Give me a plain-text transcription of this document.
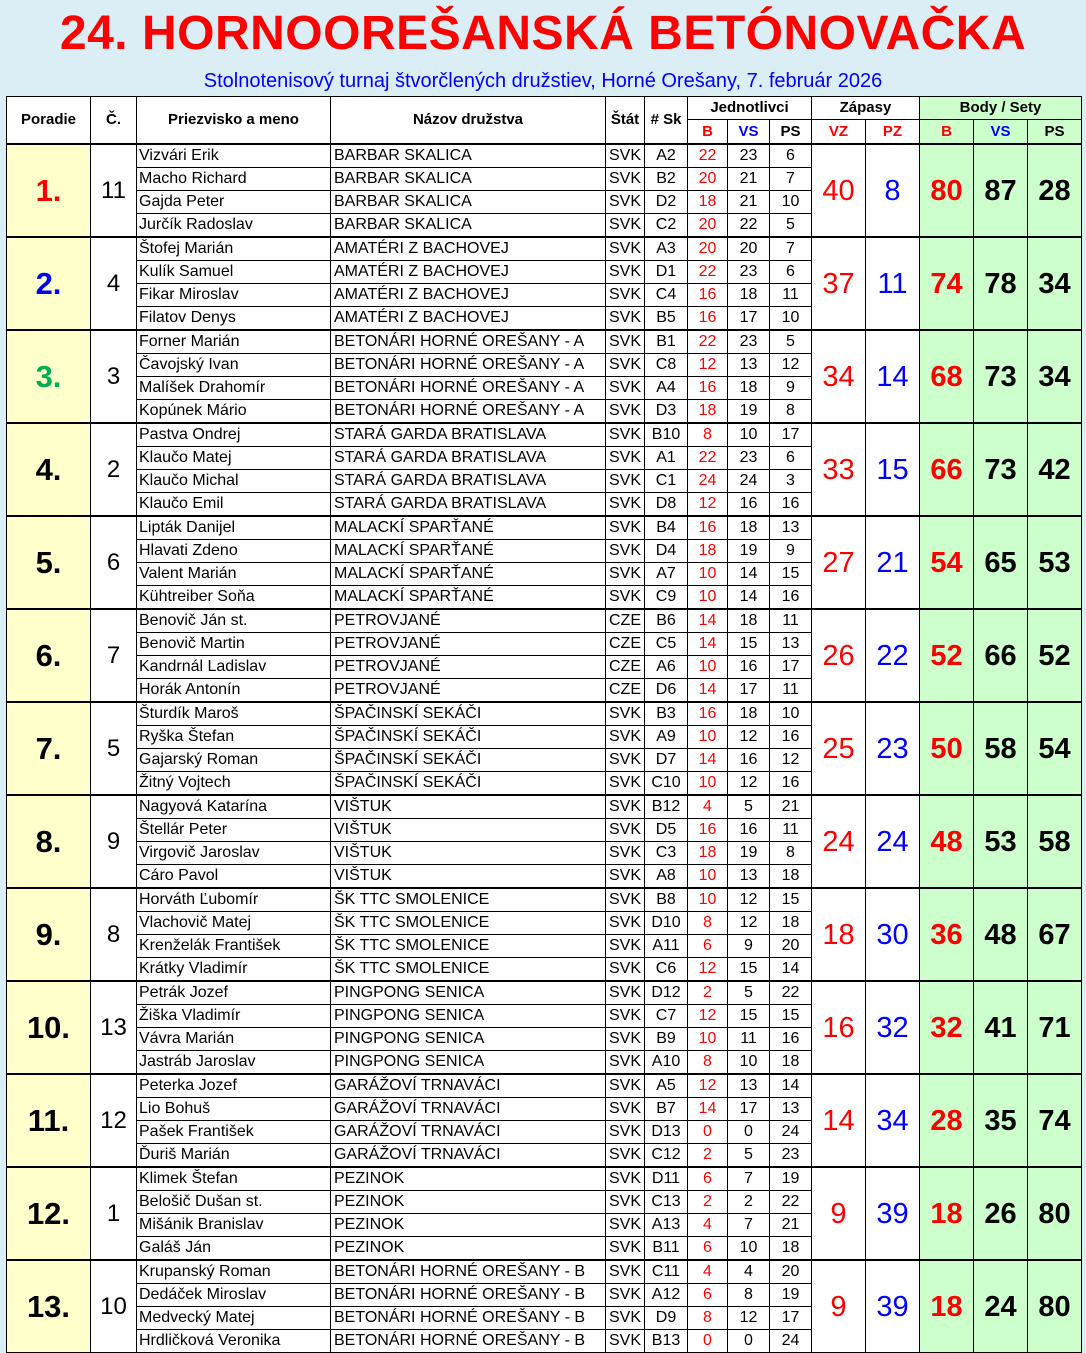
24. HORNOOREŠANSKÁ BETÓNOVAČKA
Stolnotenisový turnaj štvorčlených družstiev, Horné Orešany, 7. február 2026
Poradie	Č.	Priezvisko a meno	Názov družstva	Štát	# Sk	Jednotlivci			Zápasy		Body / Sety		
						B	VS	PS	VZ	PZ	B	VS	PS
1.	11	Vizvári Erik	BARBAR SKALICA	SVK	A2	22	23	6	40	8	80	87	28
		Macho Richard	BARBAR SKALICA	SVK	B2	20	21	7					
		Gajda Peter	BARBAR SKALICA	SVK	D2	18	21	10					
		Jurčík Radoslav	BARBAR SKALICA	SVK	C2	20	22	5					
2.	4	Štofej Marián	AMATÉRI Z BACHOVEJ	SVK	A3	20	20	7	37	11	74	78	34
		Kulík Samuel	AMATÉRI Z BACHOVEJ	SVK	D1	22	23	6					
		Fikar Miroslav	AMATÉRI Z BACHOVEJ	SVK	C4	16	18	11					
		Filatov Denys	AMATÉRI Z BACHOVEJ	SVK	B5	16	17	10					
3.	3	Forner Marián	BETONÁRI HORNÉ OREŠANY - A	SVK	B1	22	23	5	34	14	68	73	34
		Čavojský Ivan	BETONÁRI HORNÉ OREŠANY - A	SVK	C8	12	13	12					
		Malíšek Drahomír	BETONÁRI HORNÉ OREŠANY - A	SVK	A4	16	18	9					
		Kopúnek Mário	BETONÁRI HORNÉ OREŠANY - A	SVK	D3	18	19	8					
4.	2	Pastva Ondrej	STARÁ GARDA BRATISLAVA	SVK	B10	8	10	17	33	15	66	73	42
		Klaučo Matej	STARÁ GARDA BRATISLAVA	SVK	A1	22	23	6					
		Klaučo Michal	STARÁ GARDA BRATISLAVA	SVK	C1	24	24	3					
		Klaučo Emil	STARÁ GARDA BRATISLAVA	SVK	D8	12	16	16					
5.	6	Lipták Danijel	MALACKÍ SPARŤANÉ	SVK	B4	16	18	13	27	21	54	65	53
		Hlavati Zdeno	MALACKÍ SPARŤANÉ	SVK	D4	18	19	9					
		Valent Marián	MALACKÍ SPARŤANÉ	SVK	A7	10	14	15					
		Kühtreiber Soňa	MALACKÍ SPARŤANÉ	SVK	C9	10	14	16					
6.	7	Benovič Ján st.	PETROVJANÉ	CZE	B6	14	18	11	26	22	52	66	52
		Benovič Martin	PETROVJANÉ	CZE	C5	14	15	13					
		Kandrnál Ladislav	PETROVJANÉ	CZE	A6	10	16	17					
		Horák Antonín	PETROVJANÉ	CZE	D6	14	17	11					
7.	5	Šturdík Maroš	ŠPAČINSKÍ SEKÁČI	SVK	B3	16	18	10	25	23	50	58	54
		Ryška Štefan	ŠPAČINSKÍ SEKÁČI	SVK	A9	10	12	16					
		Gajarský Roman	ŠPAČINSKÍ SEKÁČI	SVK	D7	14	16	12					
		Žitný Vojtech	ŠPAČINSKÍ SEKÁČI	SVK	C10	10	12	16					
8.	9	Nagyová Katarína	VIŠTUK	SVK	B12	4	5	21	24	24	48	53	58
		Štellár Peter	VIŠTUK	SVK	D5	16	16	11					
		Virgovič Jaroslav	VIŠTUK	SVK	C3	18	19	8					
		Cáro Pavol	VIŠTUK	SVK	A8	10	13	18					
9.	8	Horváth Ľubomír	ŠK TTC SMOLENICE	SVK	B8	10	12	15	18	30	36	48	67
		Vlachovič Matej	ŠK TTC SMOLENICE	SVK	D10	8	12	18					
		Krenželák František	ŠK TTC SMOLENICE	SVK	A11	6	9	20					
		Krátky Vladimír	ŠK TTC SMOLENICE	SVK	C6	12	15	14					
10.	13	Petrák Jozef	PINGPONG SENICA	SVK	D12	2	5	22	16	32	32	41	71
		Žiška Vladimír	PINGPONG SENICA	SVK	C7	12	15	15					
		Vávra Marián	PINGPONG SENICA	SVK	B9	10	11	16					
		Jastráb Jaroslav	PINGPONG SENICA	SVK	A10	8	10	18					
11.	12	Peterka Jozef	GARÁŽOVÍ TRNAVÁCI	SVK	A5	12	13	14	14	34	28	35	74
		Lio Bohuš	GARÁŽOVÍ TRNAVÁCI	SVK	B7	14	17	13					
		Pašek František	GARÁŽOVÍ TRNAVÁCI	SVK	D13	0	0	24					
		Ďuriš Marián	GARÁŽOVÍ TRNAVÁCI	SVK	C12	2	5	23					
12.	1	Klimek Štefan	PEZINOK	SVK	D11	6	7	19	9	39	18	26	80
		Belošič Dušan st.	PEZINOK	SVK	C13	2	2	22					
		Mišánik Branislav	PEZINOK	SVK	A13	4	7	21					
		Galáš Ján	PEZINOK	SVK	B11	6	10	18					
13.	10	Krupanský Roman	BETONÁRI HORNÉ OREŠANY - B	SVK	C11	4	4	20	9	39	18	24	80
		Dedáček Miroslav	BETONÁRI HORNÉ OREŠANY - B	SVK	A12	6	8	19					
		Medvecký Matej	BETONÁRI HORNÉ OREŠANY - B	SVK	D9	8	12	17					
		Hrdličková Veronika	BETONÁRI HORNÉ OREŠANY - B	SVK	B13	0	0	24					
